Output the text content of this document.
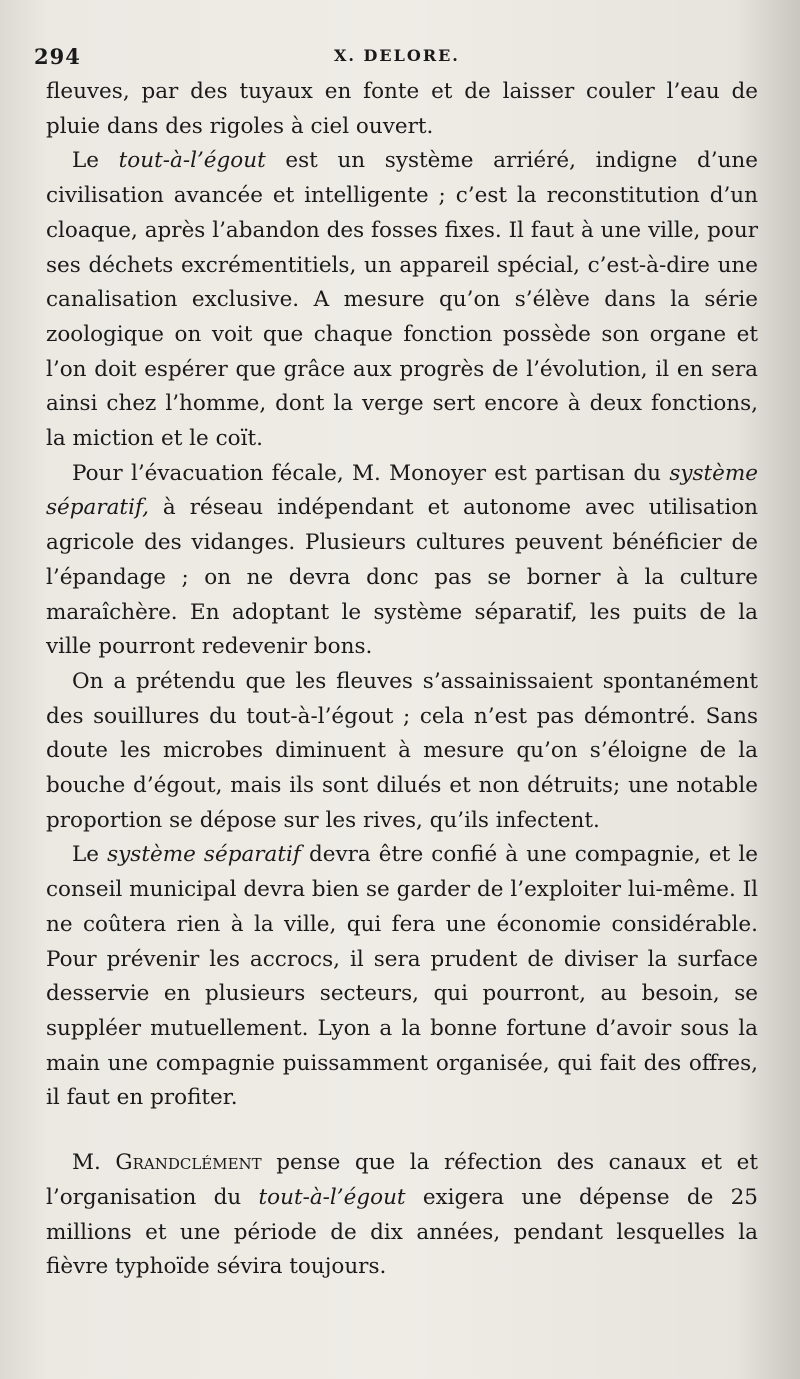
294	X. DELORE.

fleuves, par des tuyaux en fonte et de laisser couler l’eau de pluie dans des rigoles à ciel ouvert.

Le tout-à-l’égout est un système arriéré, indigne d’une civilisation avancée et intelligente ; c’est la reconstitution d’un cloaque, après l’abandon des fosses fixes. Il faut à une ville, pour ses déchets excrémentitiels, un appareil spécial, c’est-à-dire une canalisation exclusive. A mesure qu’on s’élève dans la série zoologique on voit que chaque fonction possède son organe et l’on doit espérer que grâce aux progrès de l’évolution, il en sera ainsi chez l’homme, dont la verge sert encore à deux fonctions, la miction et le coït.

Pour l’évacuation fécale, M. Monoyer est partisan du système séparatif, à réseau indépendant et autonome avec utilisation agricole des vidanges. Plusieurs cultures peuvent bénéficier de l’épandage ; on ne devra donc pas se borner à la culture maraîchère. En adoptant le système séparatif, les puits de la ville pourront redevenir bons.

On a prétendu que les fleuves s’assainissaient spontanément des souillures du tout-à-l’égout ; cela n’est pas démontré. Sans doute les microbes diminuent à mesure qu’on s’éloigne de la bouche d’égout, mais ils sont dilués et non détruits; une notable proportion se dépose sur les rives, qu’ils infectent.

Le système séparatif devra être confié à une compagnie, et le conseil municipal devra bien se garder de l’exploiter lui-même. Il ne coûtera rien à la ville, qui fera une économie considérable. Pour prévenir les accrocs, il sera prudent de diviser la surface desservie en plusieurs secteurs, qui pourront, au besoin, se suppléer mutuellement. Lyon a la bonne fortune d’avoir sous la main une compagnie puissamment organisée, qui fait des offres, il faut en profiter.

M. Grandclément pense que la réfection des canaux et et l’organisation du tout-à-l’égout exigera une dépense de 25 millions et une période de dix années, pendant lesquelles la fièvre typhoïde sévira toujours.
